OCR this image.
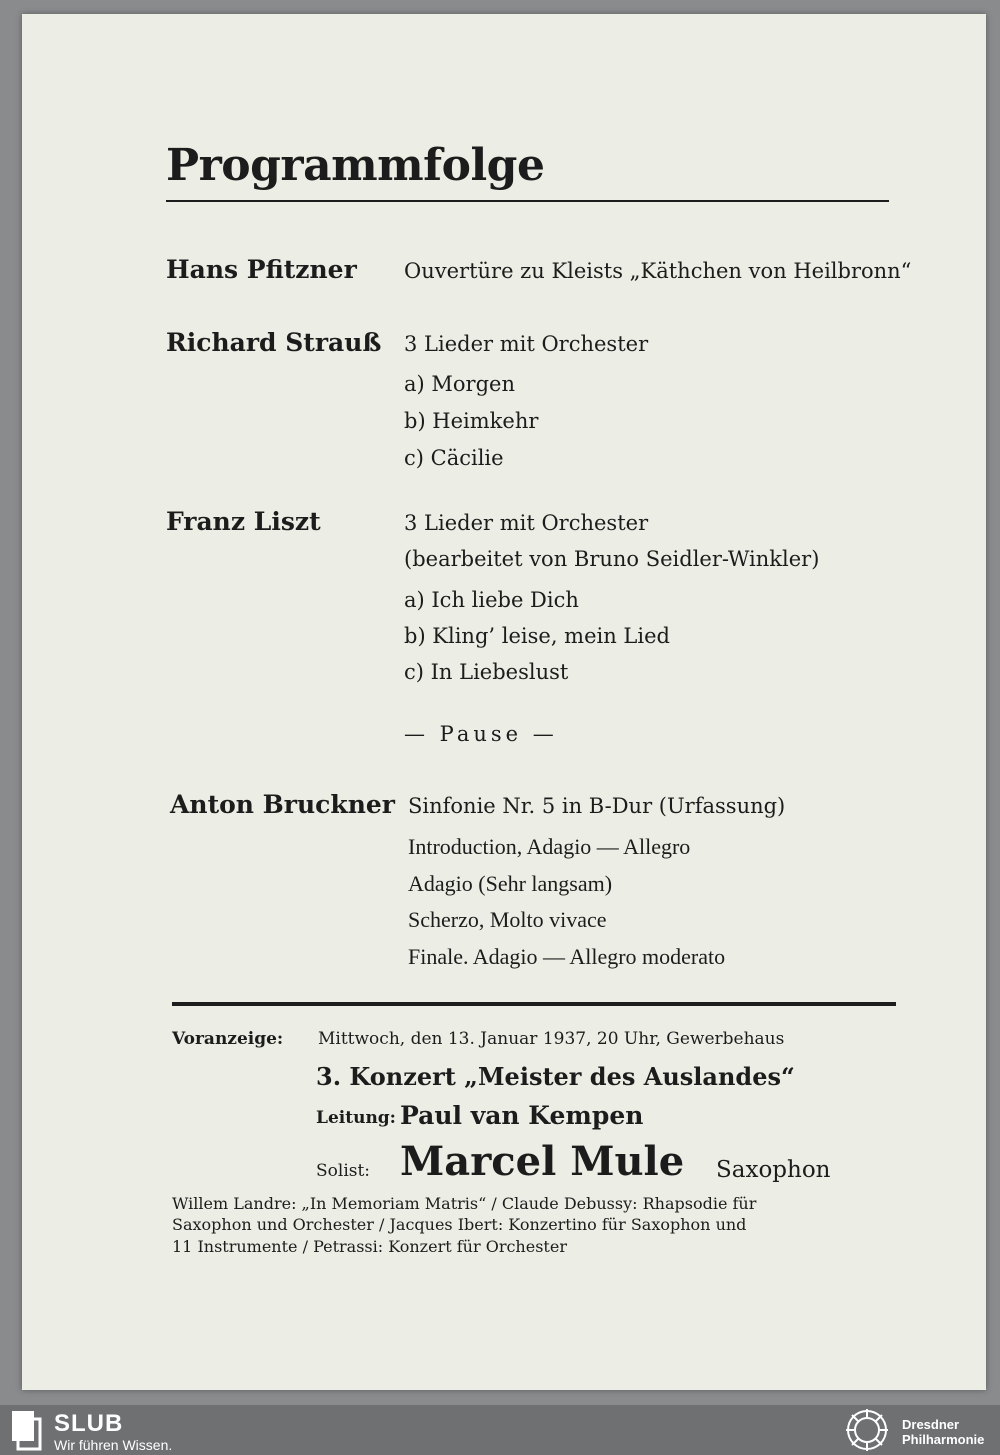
Programmfolge
Hans Pfitzner Ouvertüre zu Kleists „Käthchen von Heilbronn“
Richard Strauß 3 Lieder mit Orchester
a) Morgen
b) Heimkehr
c) Cäcilie
Franz Liszt	3 Lieder mit Orchester
(bearbeitet von Bruno Seidler-Winkler)
a) Ich liebe Dich
b) Kling’ leise, mein Lied
c) In Liebeslust
— Pause —
Anton Bruckner Sinfonie Nr. 5 in B-Dur (Urfassung)
Introduction, Adagio — Allegro
Adagio (Sehr langsam)
Scherzo, Molto vivace
Finale. Adagio — Allegro moderato
Voranzeige: Mittwoch, den 13. Januar 1937, 20 Uhr, Gewerbehaus
3. Konzert „Meister des Auslandes“
Leitung: Paul van Kempen
Solist: Marcel Mule Saxophon
Willem Landre: „In Memoriam Matris“ / Claude Debussy: Rhapsodie für
Saxophon und Orchester / Jacques Ibert: Konzertino für Saxophon und
11 Instrumente / Petrassi: Konzert für Orchester
SLUB
Wir führen Wissen.
Dresdner
Philharmonie
